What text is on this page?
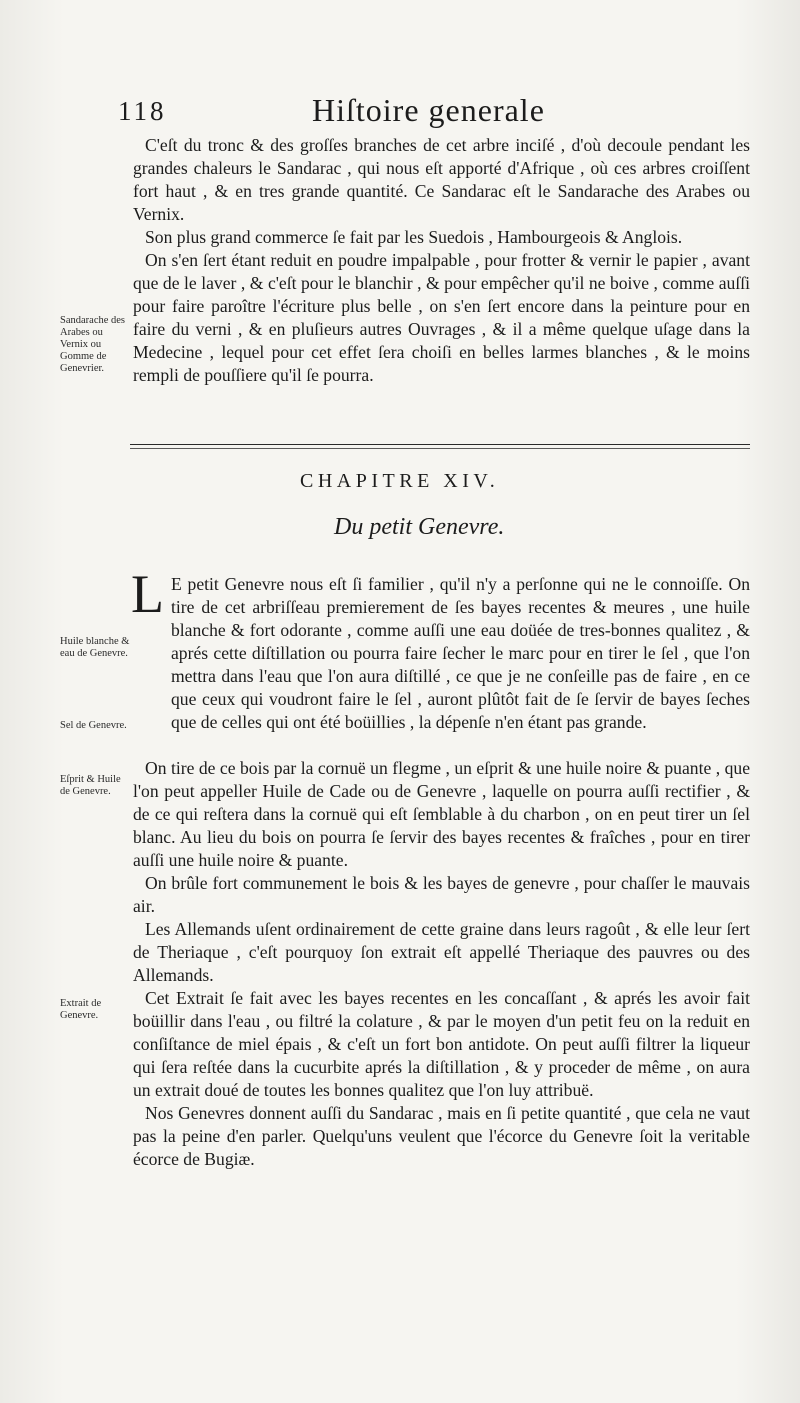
118	Hiſtoire generale

C'eſt du tronc & des groſſes branches de cet arbre inciſé , d'où decoule pendant les grandes chaleurs le Sandarac , qui nous eſt apporté d'Afrique , où ces arbres croiſſent fort haut , & en tres grande quantité. Ce Sandarac eſt le Sandarache des Arabes ou Vernix.

Son plus grand commerce ſe fait par les Suedois , Hambourgeois & Anglois.

On s'en ſert étant reduit en poudre impalpable , pour frotter & vernir le papier , avant que de le laver , & c'eſt pour le blanchir , & pour empêcher qu'il ne boive , comme auſſi pour faire paroître l'écriture plus belle , on s'en ſert encore dans la peinture pour en faire du verni , & en pluſieurs autres Ouvrages , & il a même quelque uſage dans la Medecine , lequel pour cet effet ſera choiſi en belles larmes blanches , & le moins rempli de pouſſiere qu'il ſe pourra.

Sandarache des Arabes ou Vernix ou Gomme de Genevrier.
CHAPITRE XIV.
Du petit Genevre.
L E petit Genevre nous eſt ſi familier , qu'il n'y a perſonne qui ne le connoiſſe. On tire de cet arbriſſeau premierement de ſes bayes recentes & meures , une huile blanche & fort odorante , comme auſſi une eau doüée de tres-bonnes qualitez , & aprés cette diſtillation ou pourra faire ſecher le marc pour en tirer le ſel , que l'on mettra dans l'eau que l'on aura diſtillé , ce que je ne conſeille pas de faire , en ce que ceux qui voudront faire le ſel , auront plûtôt fait de ſe ſervir de bayes ſeches que de celles qui ont été boüillies , la dépenſe n'en étant pas grande.
Huile blanche & eau de Genevre.
Sel de Genevre.
Eſprit & Huile de Genevre.
Extrait de Genevre.

On tire de ce bois par la cornuë un flegme , un eſprit & une huile noire & puante , que l'on peut appeller Huile de Cade ou de Genevre , laquelle on pourra auſſi rectifier , & de ce qui reſtera dans la cornuë qui eſt ſemblable à du charbon , on en peut tirer un ſel blanc. Au lieu du bois on pourra ſe ſervir des bayes recentes & fraîches , pour en tirer auſſi une huile noire & puante.

On brûle fort communement le bois & les bayes de genevre , pour chaſſer le mauvais air.

Les Allemands uſent ordinairement de cette graine dans leurs ragoût , & elle leur ſert de Theriaque , c'eſt pourquoy ſon extrait eſt appellé Theriaque des pauvres ou des Allemands.

Cet Extrait ſe fait avec les bayes recentes en les concaſſant , & aprés les avoir fait boüillir dans l'eau , ou filtré la colature , & par le moyen d'un petit feu on la reduit en conſiſtance de miel épais , & c'eſt un fort bon antidote. On peut auſſi filtrer la liqueur qui ſera reſtée dans la cucurbite aprés la diſtillation , & y proceder de même , on aura un extrait doué de toutes les bonnes qualitez que l'on luy attribuë.

Nos Genevres donnent auſſi du Sandarac , mais en ſi petite quantité , que cela ne vaut pas la peine d'en parler. Quelqu'uns veulent que l'écorce du Genevre ſoit la veritable écorce de Bugiæ.
